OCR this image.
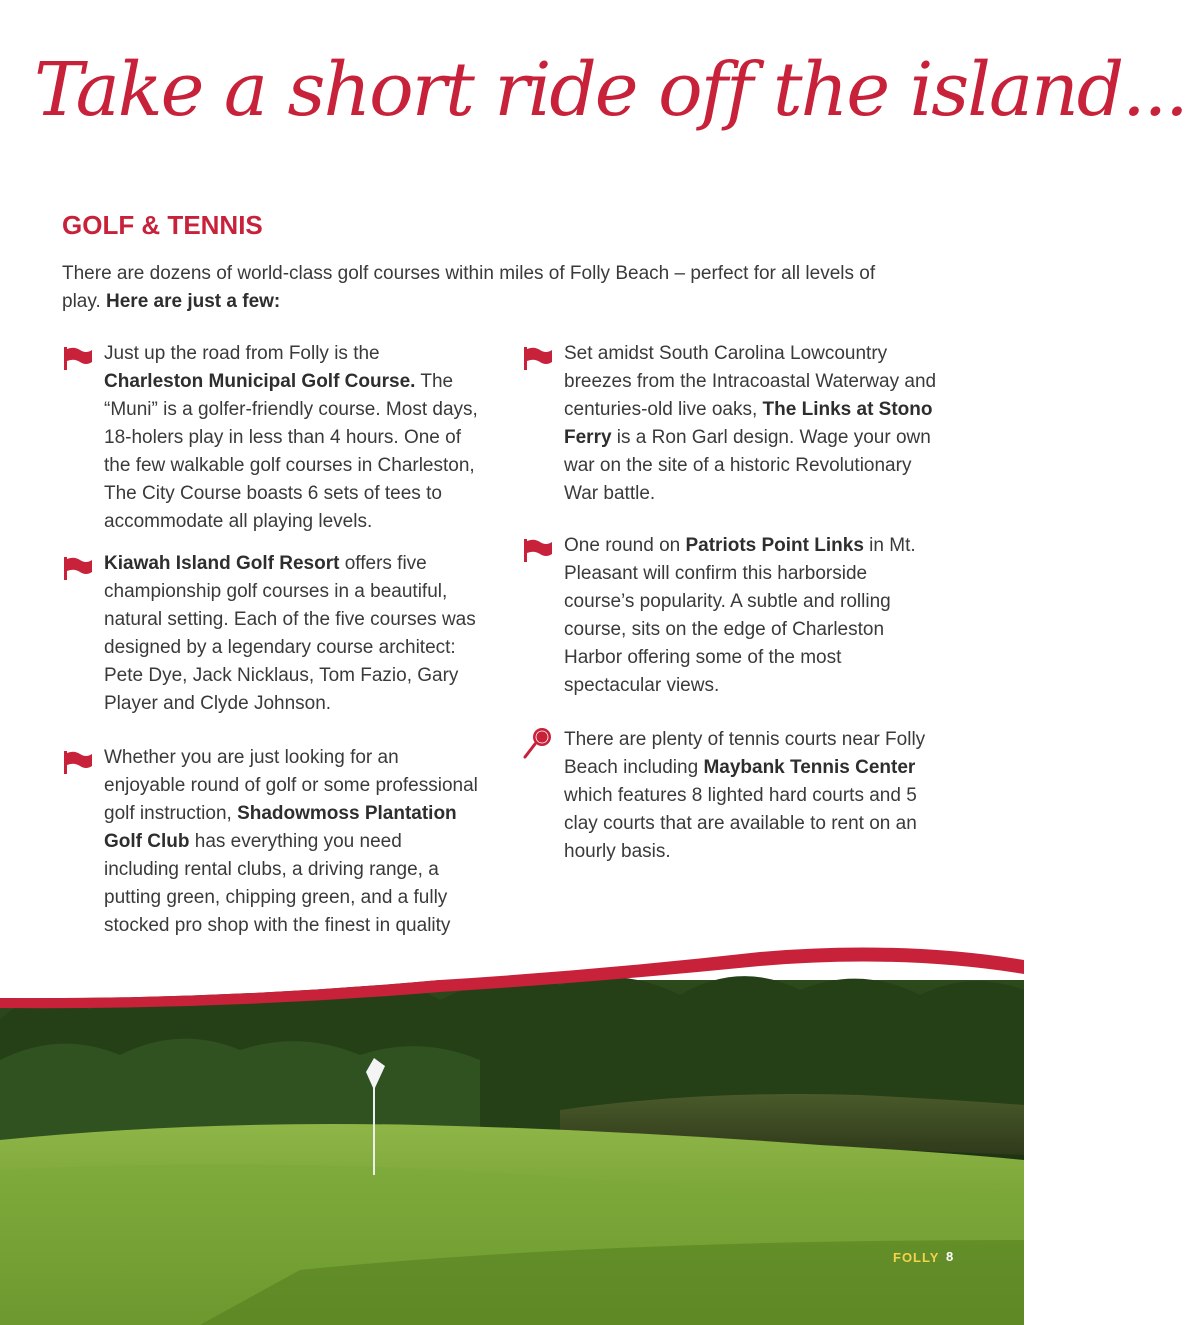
Take a short ride off the island...
GOLF & TENNIS
There are dozens of world-class golf courses within miles of Folly Beach – perfect for all levels of play. Here are just a few:
Just up the road from Folly is the Charleston Municipal Golf Course. The “Muni” is a golfer-friendly course. Most days, 18-holers play in less than 4 hours. One of the few walkable golf courses in Charleston, The City Course boasts 6 sets of tees to accommodate all playing levels.
Kiawah Island Golf Resort offers five championship golf courses in a beautiful, natural setting. Each of the five courses was designed by a legendary course architect: Pete Dye, Jack Nicklaus, Tom Fazio, Gary Player and Clyde Johnson.
Whether you are just looking for an enjoyable round of golf or some professional golf instruction, Shadowmoss Plantation Golf Club has everything you need including rental clubs, a driving range, a putting green, chipping green, and a fully stocked pro shop with the finest in quality
Set amidst South Carolina Lowcountry breezes from the Intracoastal Waterway and centuries-old live oaks, The Links at Stono Ferry is a Ron Garl design. Wage your own war on the site of a historic Revolutionary War battle.
One round on Patriots Point Links in Mt. Pleasant will confirm this harborside course’s popularity. A subtle and rolling course, sits on the edge of Charleston Harbor offering some of the most spectacular views.
There are plenty of tennis courts near Folly Beach including Maybank Tennis Center which features 8 lighted hard courts and 5 clay courts that are available to rent on an hourly basis.
FOLLY 8
